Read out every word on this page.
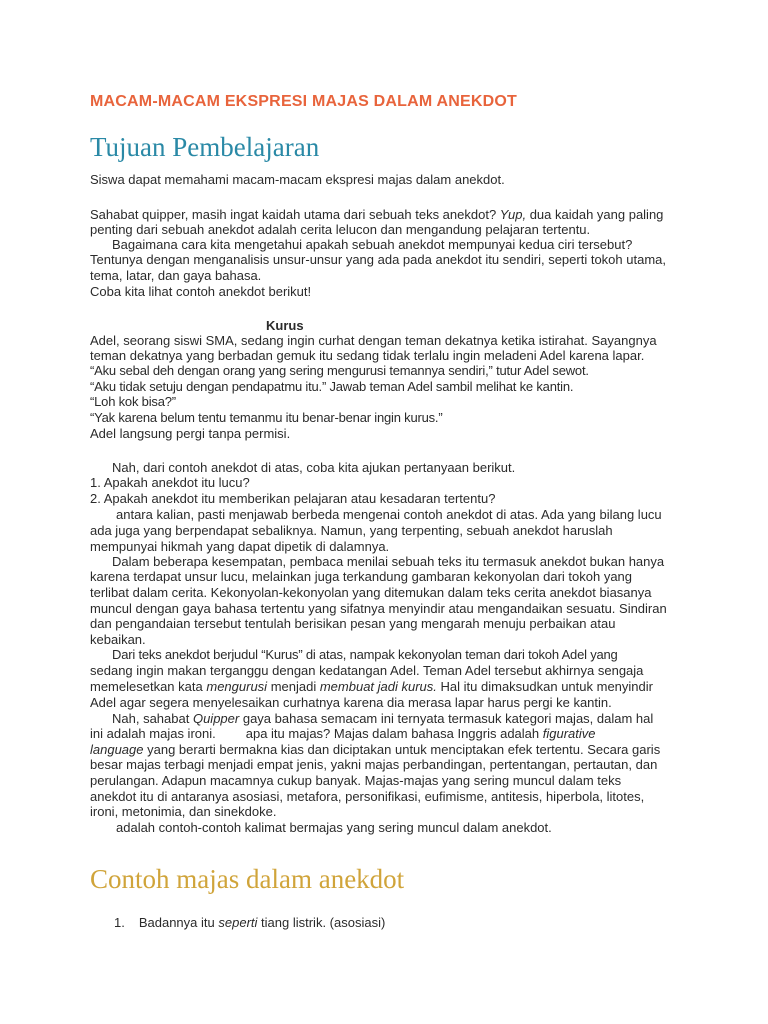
MACAM-MACAM EKSPRESI MAJAS DALAM ANEKDOT
Tujuan Pembelajaran
Siswa dapat memahami macam-macam ekspresi majas dalam anekdot.
Sahabat quipper, masih ingat kaidah utama dari sebuah teks anekdot? Yup, dua kaidah yang paling
penting dari sebuah anekdot adalah cerita lelucon dan mengandung pelajaran tertentu.
Bagaimana cara kita mengetahui apakah sebuah anekdot mempunyai kedua ciri tersebut?
Tentunya dengan menganalisis unsur-unsur yang ada pada anekdot itu sendiri, seperti tokoh utama,
tema, latar, dan gaya bahasa.
Coba kita lihat contoh anekdot berikut!
Kurus
Adel, seorang siswi SMA, sedang ingin curhat dengan teman dekatnya ketika istirahat. Sayangnya
teman dekatnya yang berbadan gemuk itu sedang tidak terlalu ingin meladeni Adel karena lapar.
“Aku sebal deh dengan orang yang sering mengurusi temannya sendiri,” tutur Adel sewot.
“Aku tidak setuju dengan pendapatmu itu.” Jawab teman Adel sambil melihat ke kantin.
“Loh kok bisa?”
“Yak karena belum tentu temanmu itu benar-benar ingin kurus.”
Adel langsung pergi tanpa permisi.
Nah, dari contoh anekdot di atas, coba kita ajukan pertanyaan berikut.
1. Apakah anekdot itu lucu?
2. Apakah anekdot itu memberikan pelajaran atau kesadaran tertentu?
antara kalian, pasti menjawab berbeda mengenai contoh anekdot di atas. Ada yang bilang lucu
ada juga yang berpendapat sebaliknya. Namun, yang terpenting, sebuah anekdot haruslah
mempunyai hikmah yang dapat dipetik di dalamnya.
Dalam beberapa kesempatan, pembaca menilai sebuah teks itu termasuk anekdot bukan hanya
karena terdapat unsur lucu, melainkan juga terkandung gambaran kekonyolan dari tokoh yang
terlibat dalam cerita. Kekonyolan-kekonyolan yang ditemukan dalam teks cerita anekdot biasanya
muncul dengan gaya bahasa tertentu yang sifatnya menyindir atau mengandaikan sesuatu. Sindiran
dan pengandaian tersebut tentulah berisikan pesan yang mengarah menuju perbaikan atau
kebaikan.
Dari teks anekdot berjudul “Kurus” di atas, nampak kekonyolan teman dari tokoh Adel yang
sedang ingin makan terganggu dengan kedatangan Adel. Teman Adel tersebut akhirnya sengaja
memelesetkan kata mengurusi menjadi membuat jadi kurus. Hal itu dimaksudkan untuk menyindir
Adel agar segera menyelesaikan curhatnya karena dia merasa lapar harus pergi ke kantin.
Nah, sahabat Quipper gaya bahasa semacam ini ternyata termasuk kategori majas, dalam hal
ini adalah majas ironi. apa itu majas? Majas dalam bahasa Inggris adalah figurative
language yang berarti bermakna kias dan diciptakan untuk menciptakan efek tertentu. Secara garis
besar majas terbagi menjadi empat jenis, yakni majas perbandingan, pertentangan, pertautan, dan
perulangan. Adapun macamnya cukup banyak. Majas-majas yang sering muncul dalam teks
anekdot itu di antaranya asosiasi, metafora, personifikasi, eufimisme, antitesis, hiperbola, litotes,
ironi, metonimia, dan sinekdoke.
adalah contoh-contoh kalimat bermajas yang sering muncul dalam anekdot.
Contoh majas dalam anekdot
1. Badannya itu seperti tiang listrik. (asosiasi)
